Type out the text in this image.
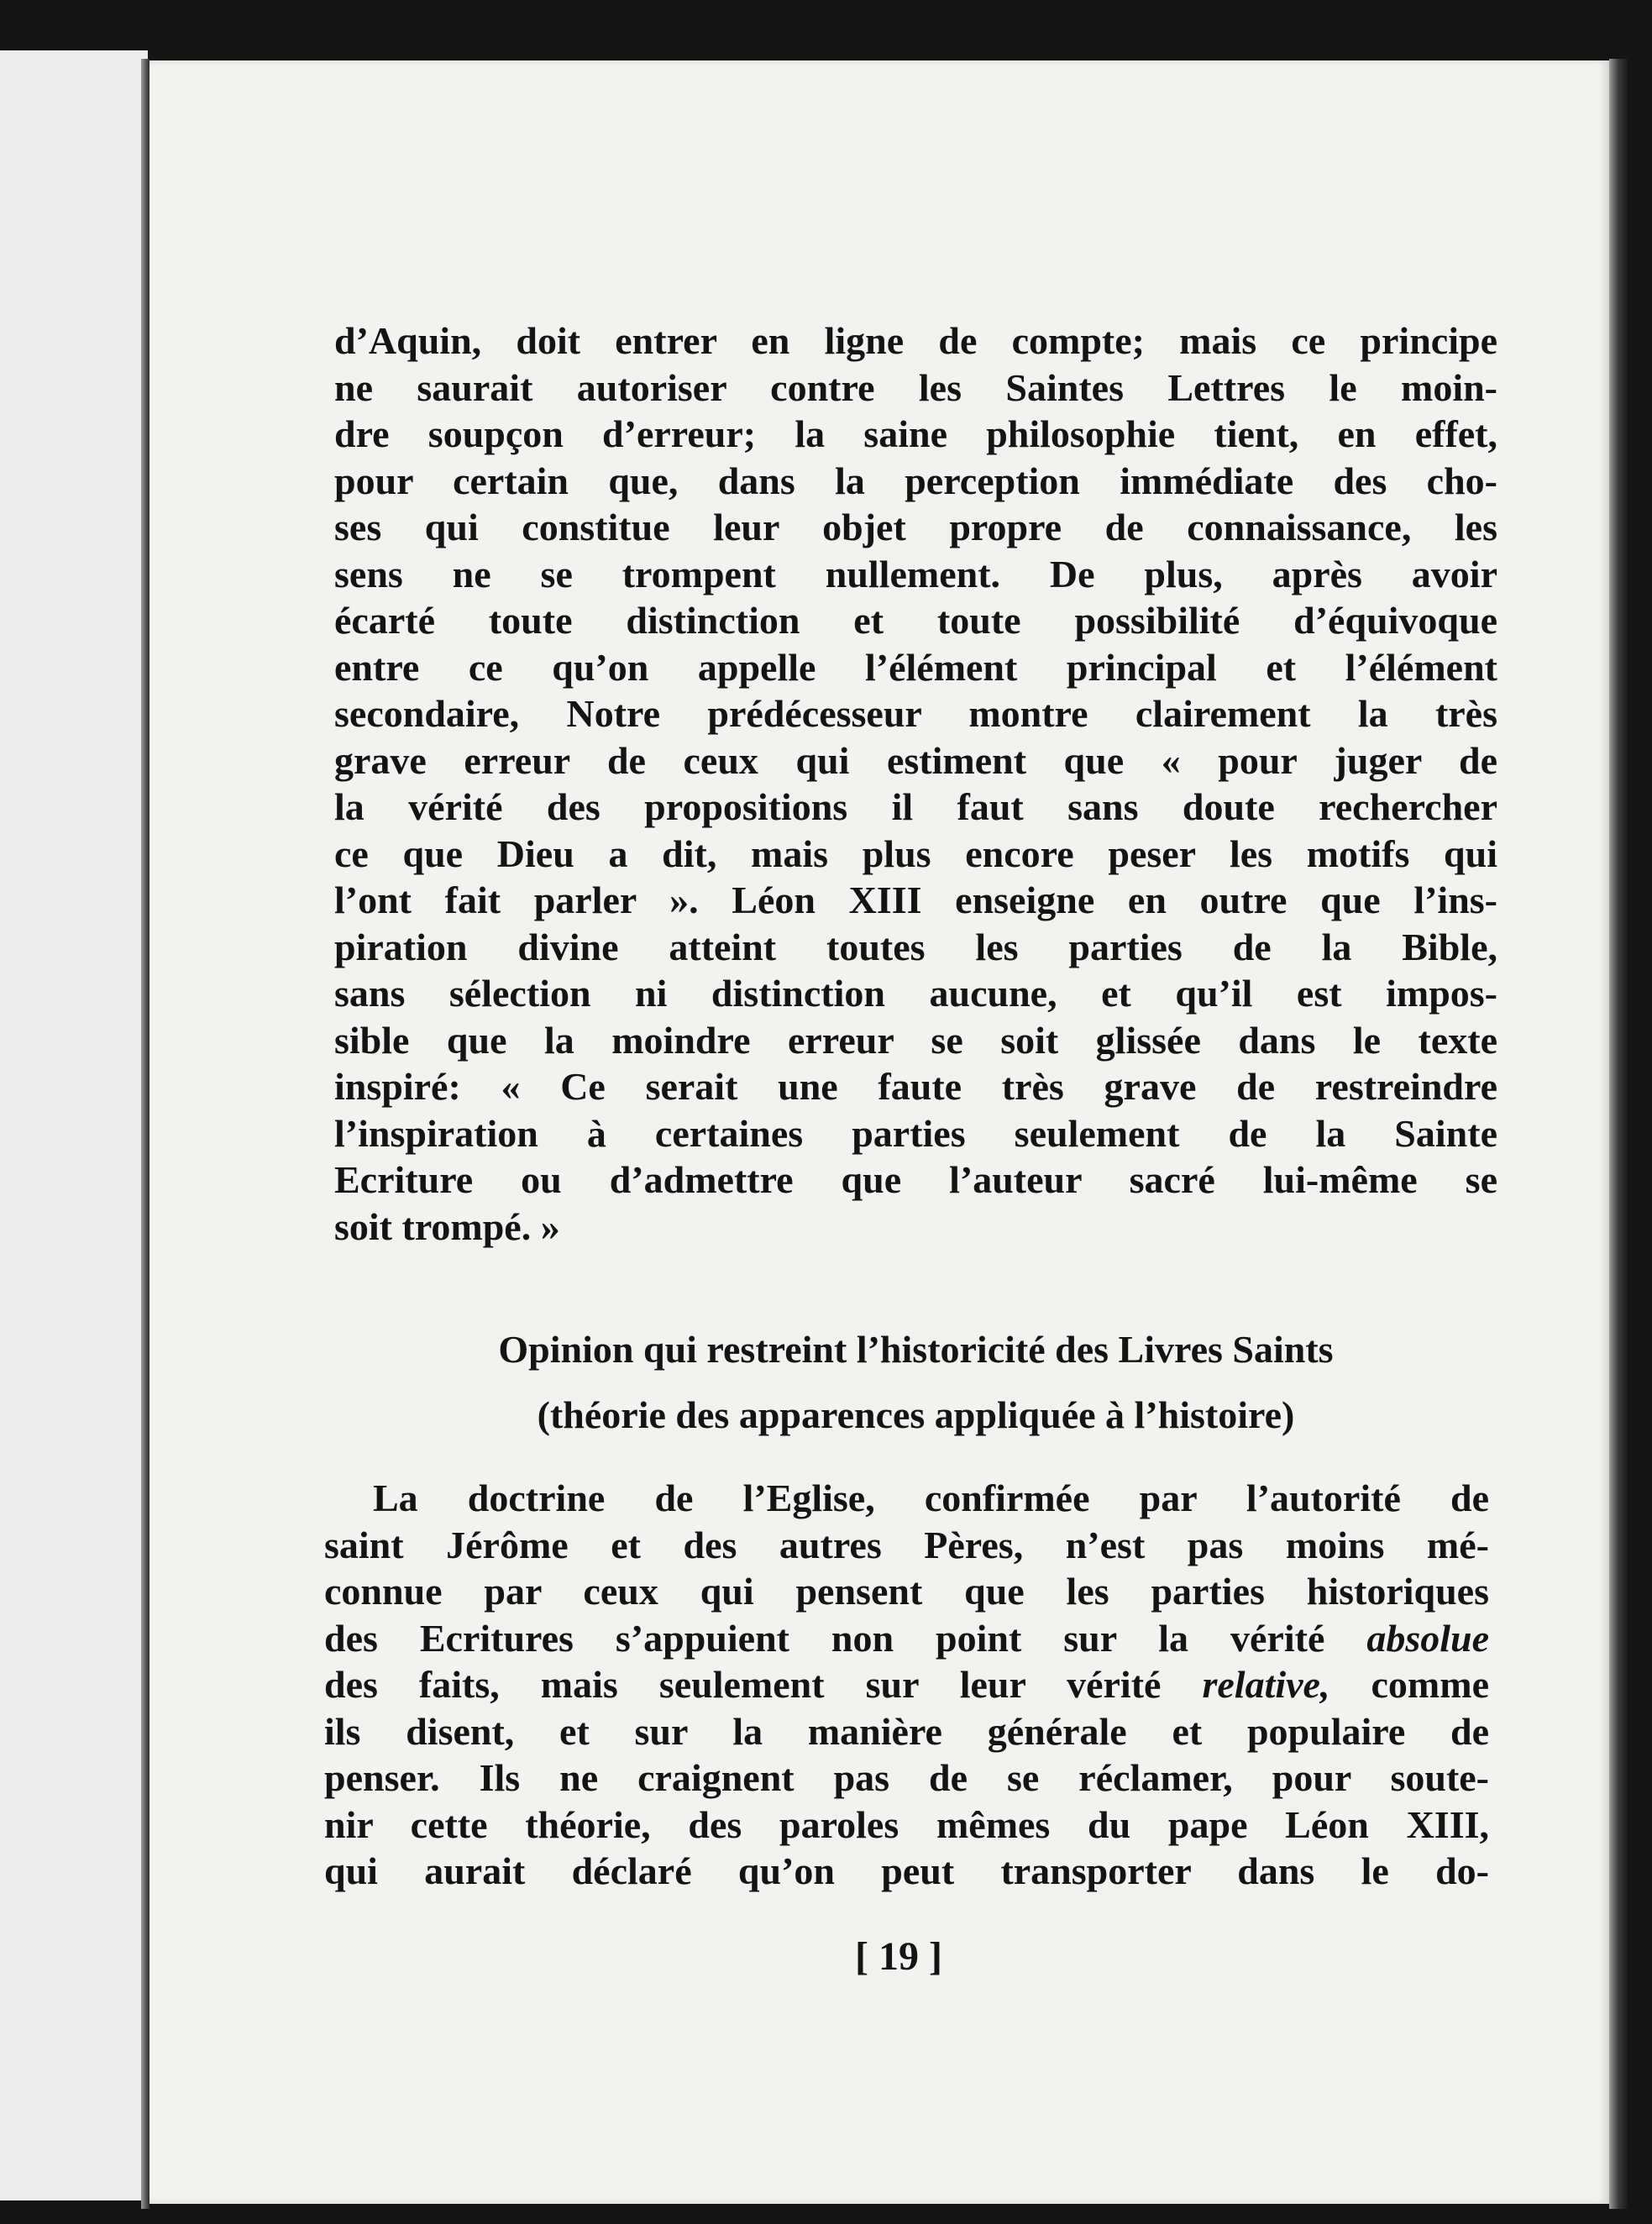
d’Aquin, doit entrer en ligne de compte; mais ce principe
ne saurait autoriser contre les Saintes Lettres le moin-
dre soupçon d’erreur; la saine philosophie tient, en effet,
pour certain que, dans la perception immédiate des cho-
ses qui constitue leur objet propre de connaissance, les
sens ne se trompent nullement. De plus, après avoir
écarté toute distinction et toute possibilité d’équivoque
entre ce qu’on appelle l’élément principal et l’élément
secondaire, Notre prédécesseur montre clairement la très
grave erreur de ceux qui estiment que « pour juger de
la vérité des propositions il faut sans doute rechercher
ce que Dieu a dit, mais plus encore peser les motifs qui
l’ont fait parler ». Léon XIII enseigne en outre que l’ins-
piration divine atteint toutes les parties de la Bible,
sans sélection ni distinction aucune, et qu’il est impos-
sible que la moindre erreur se soit glissée dans le texte
inspiré: « Ce serait une faute très grave de restreindre
l’inspiration à certaines parties seulement de la Sainte
Ecriture ou d’admettre que l’auteur sacré lui-même se
soit trompé. »
Opinion qui restreint l’historicité des Livres Saints
(théorie des apparences appliquée à l’histoire)
La doctrine de l’Eglise, confirmée par l’autorité de
saint Jérôme et des autres Pères, n’est pas moins mé-
connue par ceux qui pensent que les parties historiques
des Ecritures s’appuient non point sur la vérité absolue
des faits, mais seulement sur leur vérité relative, comme
ils disent, et sur la manière générale et populaire de
penser. Ils ne craignent pas de se réclamer, pour soute-
nir cette théorie, des paroles mêmes du pape Léon XIII,
qui aurait déclaré qu’on peut transporter dans le do-
[ 19 ]
